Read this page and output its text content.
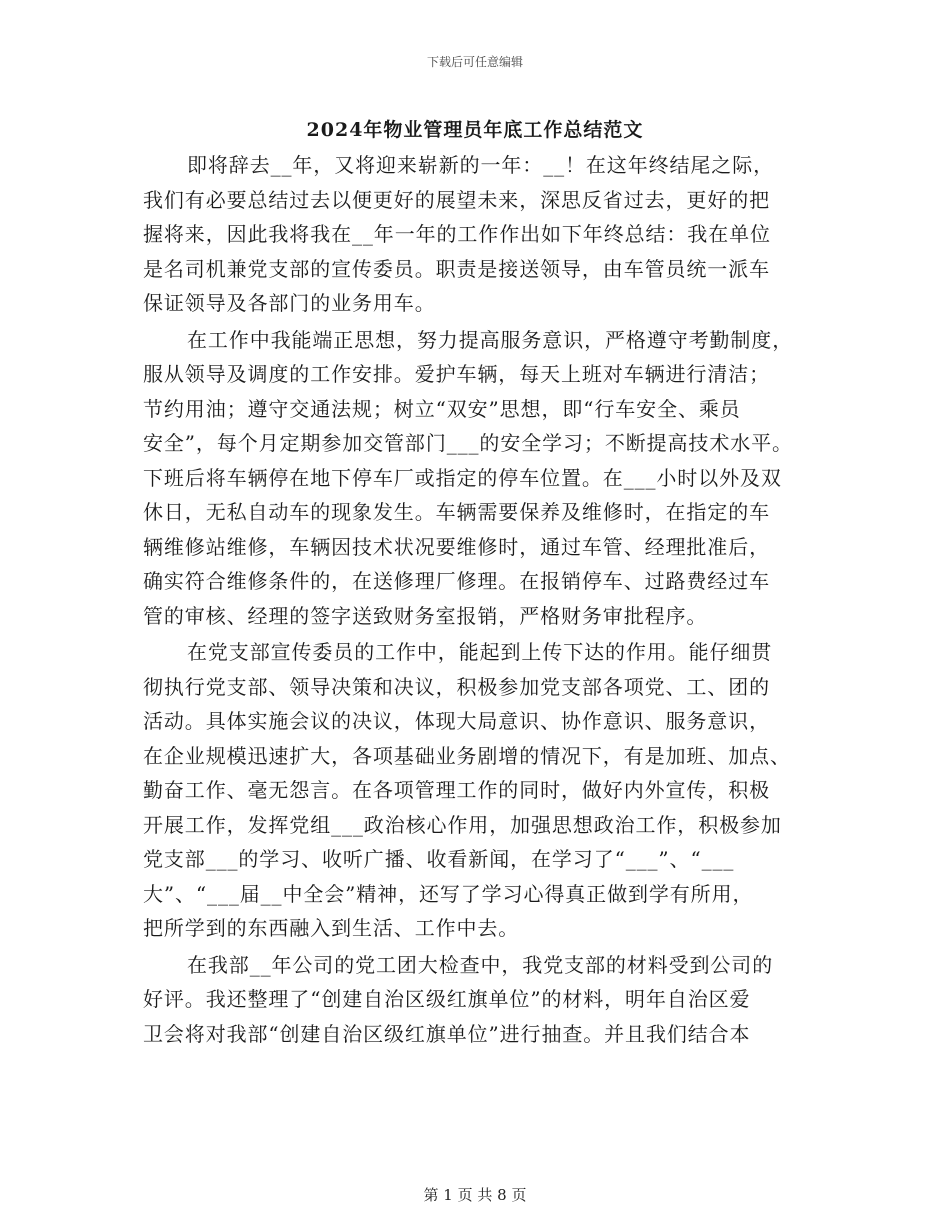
下载后可任意编辑
2024年物业管理员年底工作总结范文
即将辞去__年，又将迎来崭新的一年：__！在这年终结尾之际，
我们有必要总结过去以便更好的展望未来，深思反省过去，更好的把
握将来，因此我将我在__年一年的工作作出如下年终总结：我在单位
是名司机兼党支部的宣传委员。职责是接送领导，由车管员统一派车
保证领导及各部门的业务用车。
在工作中我能端正思想，努力提高服务意识，严格遵守考勤制度，
服从领导及调度的工作安排。爱护车辆，每天上班对车辆进行清洁；
节约用油；遵守交通法规；树立“双安”思想，即“行车安全、乘员
安全”，每个月定期参加交管部门___的安全学习；不断提高技术水平。
下班后将车辆停在地下停车厂或指定的停车位置。在___小时以外及双
休日，无私自动车的现象发生。车辆需要保养及维修时，在指定的车
辆维修站维修，车辆因技术状况要维修时，通过车管、经理批准后，
确实符合维修条件的，在送修理厂修理。在报销停车、过路费经过车
管的审核、经理的签字送致财务室报销，严格财务审批程序。
在党支部宣传委员的工作中，能起到上传下达的作用。能仔细贯
彻执行党支部、领导决策和决议，积极参加党支部各项党、工、团的
活动。具体实施会议的决议，体现大局意识、协作意识、服务意识，
在企业规模迅速扩大，各项基础业务剧增的情况下，有是加班、加点、
勤奋工作、毫无怨言。在各项管理工作的同时，做好内外宣传，积极
开展工作，发挥党组___政治核心作用，加强思想政治工作，积极参加
党支部___的学习、收听广播、收看新闻，在学习了“___”、“___
大”、“___届__中全会”精神，还写了学习心得真正做到学有所用，
把所学到的东西融入到生活、工作中去。
在我部__年公司的党工团大检查中，我党支部的材料受到公司的
好评。我还整理了“创建自治区级红旗单位”的材料，明年自治区爱
卫会将对我部“创建自治区级红旗单位”进行抽查。并且我们结合本
第 1 页 共 8 页
